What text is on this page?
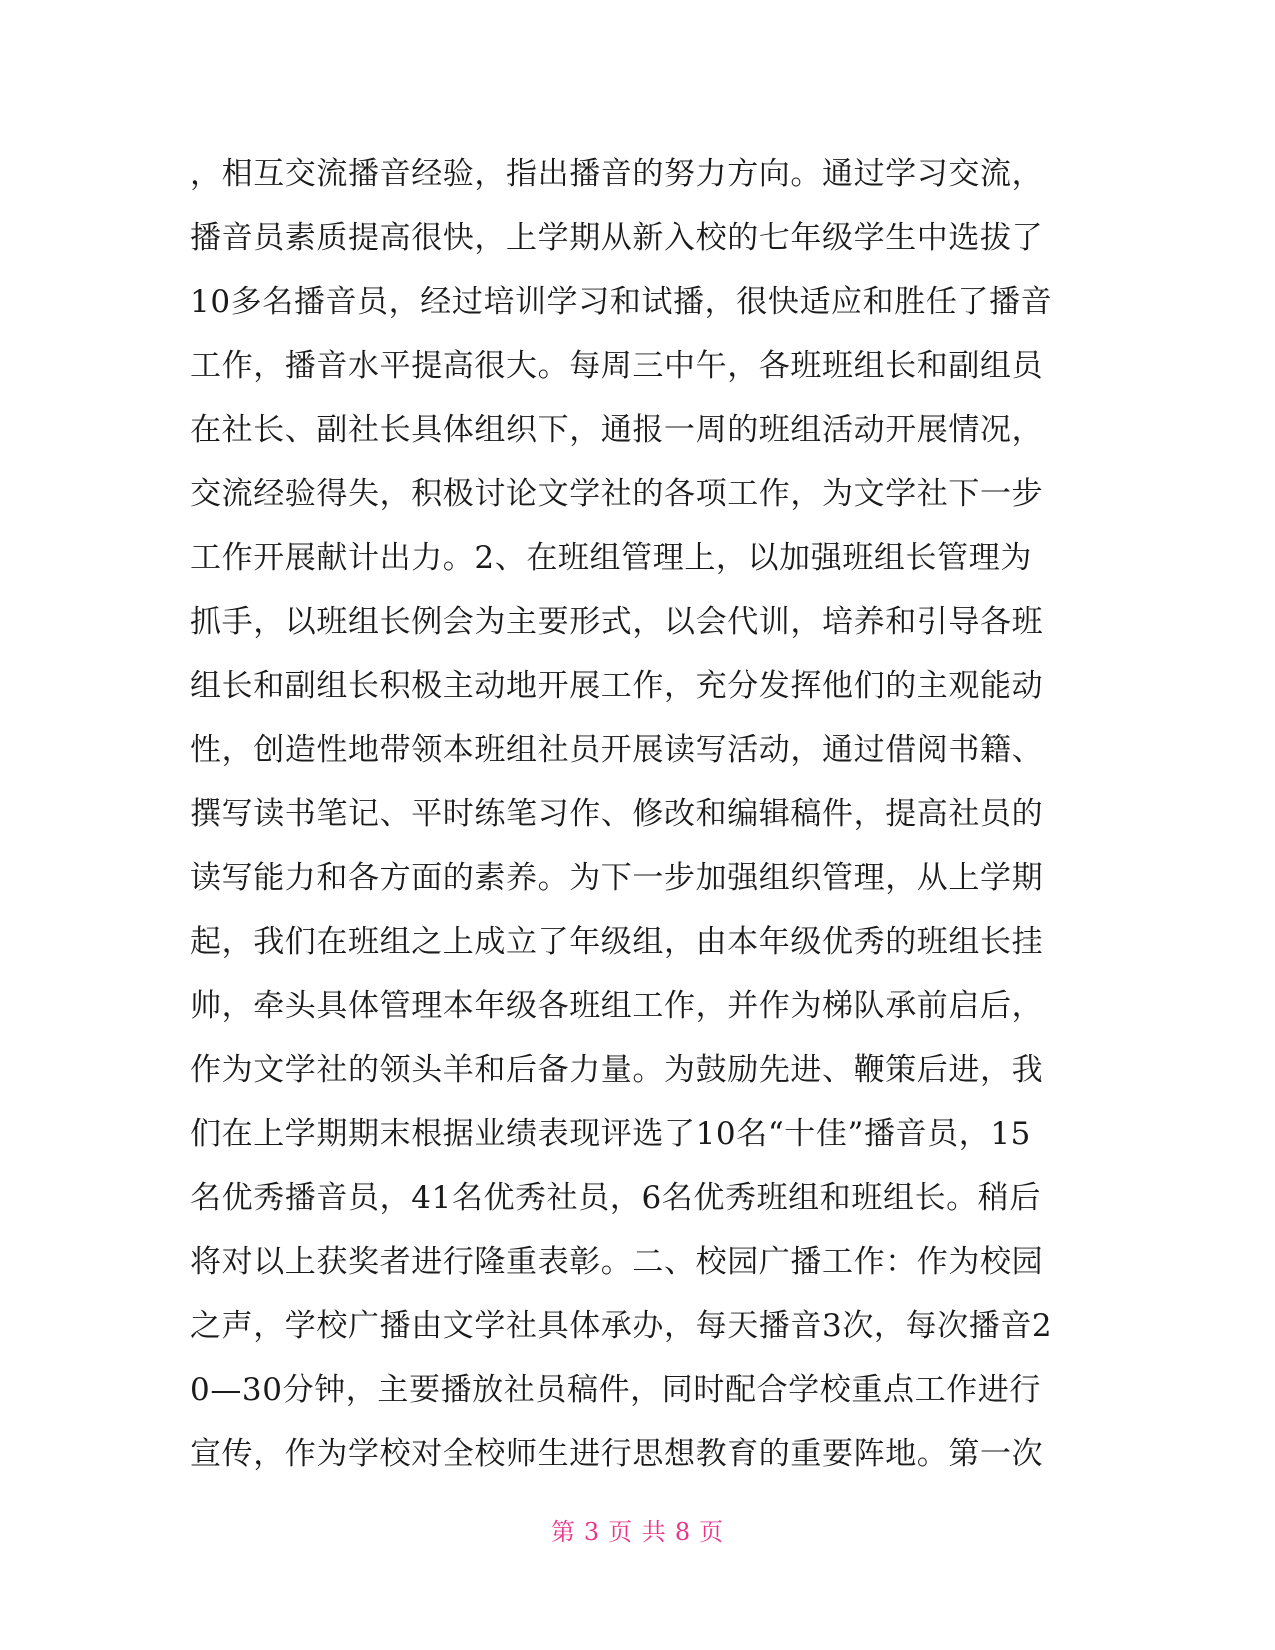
，相互交流播音经验，指出播音的努力方向。通过学习交流，
播音员素质提高很快，上学期从新入校的七年级学生中选拔了
10多名播音员，经过培训学习和试播，很快适应和胜任了播音
工作，播音水平提高很大。每周三中午，各班班组长和副组员
在社长、副社长具体组织下，通报一周的班组活动开展情况，
交流经验得失，积极讨论文学社的各项工作，为文学社下一步
工作开展献计出力。2、在班组管理上，以加强班组长管理为
抓手，以班组长例会为主要形式，以会代训，培养和引导各班
组长和副组长积极主动地开展工作，充分发挥他们的主观能动
性，创造性地带领本班组社员开展读写活动，通过借阅书籍、
撰写读书笔记、平时练笔习作、修改和编辑稿件，提高社员的
读写能力和各方面的素养。为下一步加强组织管理，从上学期
起，我们在班组之上成立了年级组，由本年级优秀的班组长挂
帅，牵头具体管理本年级各班组工作，并作为梯队承前启后，
作为文学社的领头羊和后备力量。为鼓励先进、鞭策后进，我
们在上学期期末根据业绩表现评选了10名“十佳”播音员，15
名优秀播音员，41名优秀社员，6名优秀班组和班组长。稍后
将对以上获奖者进行隆重表彰。二、校园广播工作：作为校园
之声，学校广播由文学社具体承办，每天播音3次，每次播音2
0—30分钟，主要播放社员稿件，同时配合学校重点工作进行
宣传，作为学校对全校师生进行思想教育的重要阵地。第一次
第 3 页 共 8 页
